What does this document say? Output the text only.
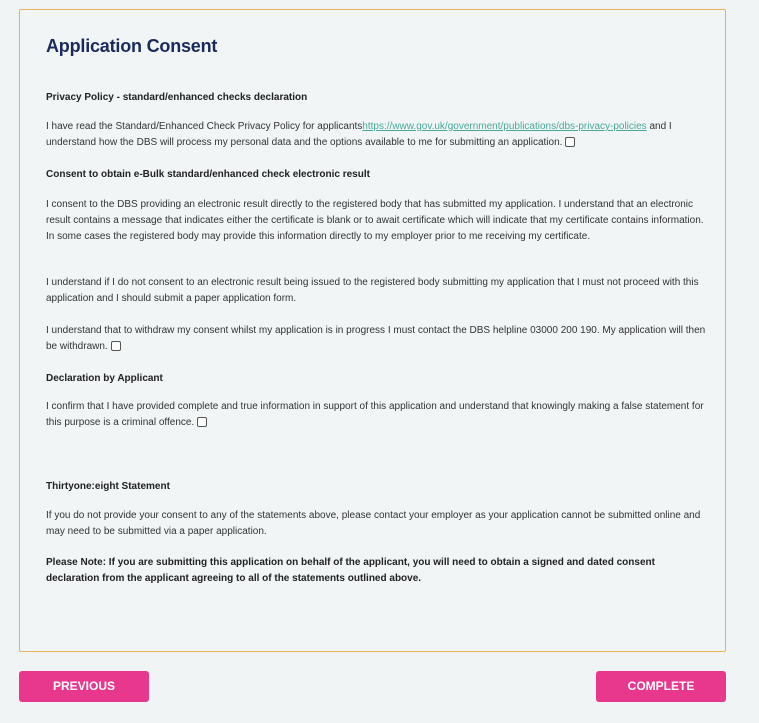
Application Consent
Privacy Policy - standard/enhanced checks declaration

I have read the Standard/Enhanced Check Privacy Policy for applicantshttps://www.gov.uk/government/publications/dbs-privacy-policies and I understand how the DBS will process my personal data and the options available to me for submitting an application.

Consent to obtain e-Bulk standard/enhanced check electronic result

I consent to the DBS providing an electronic result directly to the registered body that has submitted my application. I understand that an electronic result contains a message that indicates either the certificate is blank or to await certificate which will indicate that my certificate contains information. In some cases the registered body may provide this information directly to my employer prior to me receiving my certificate.

I understand if I do not consent to an electronic result being issued to the registered body submitting my application that I must not proceed with this application and I should submit a paper application form.

I understand that to withdraw my consent whilst my application is in progress I must contact the DBS helpline 03000 200 190. My application will then be withdrawn.

Declaration by Applicant

I confirm that I have provided complete and true information in support of this application and understand that knowingly making a false statement for this purpose is a criminal offence.

Thirtyone:eight Statement

If you do not provide your consent to any of the statements above, please contact your employer as your application cannot be submitted online and may need to be submitted via a paper application.

Please Note: If you are submitting this application on behalf of the applicant, you will need to obtain a signed and dated consent declaration from the applicant agreeing to all of the statements outlined above.

PREVIOUS	COMPLETE
